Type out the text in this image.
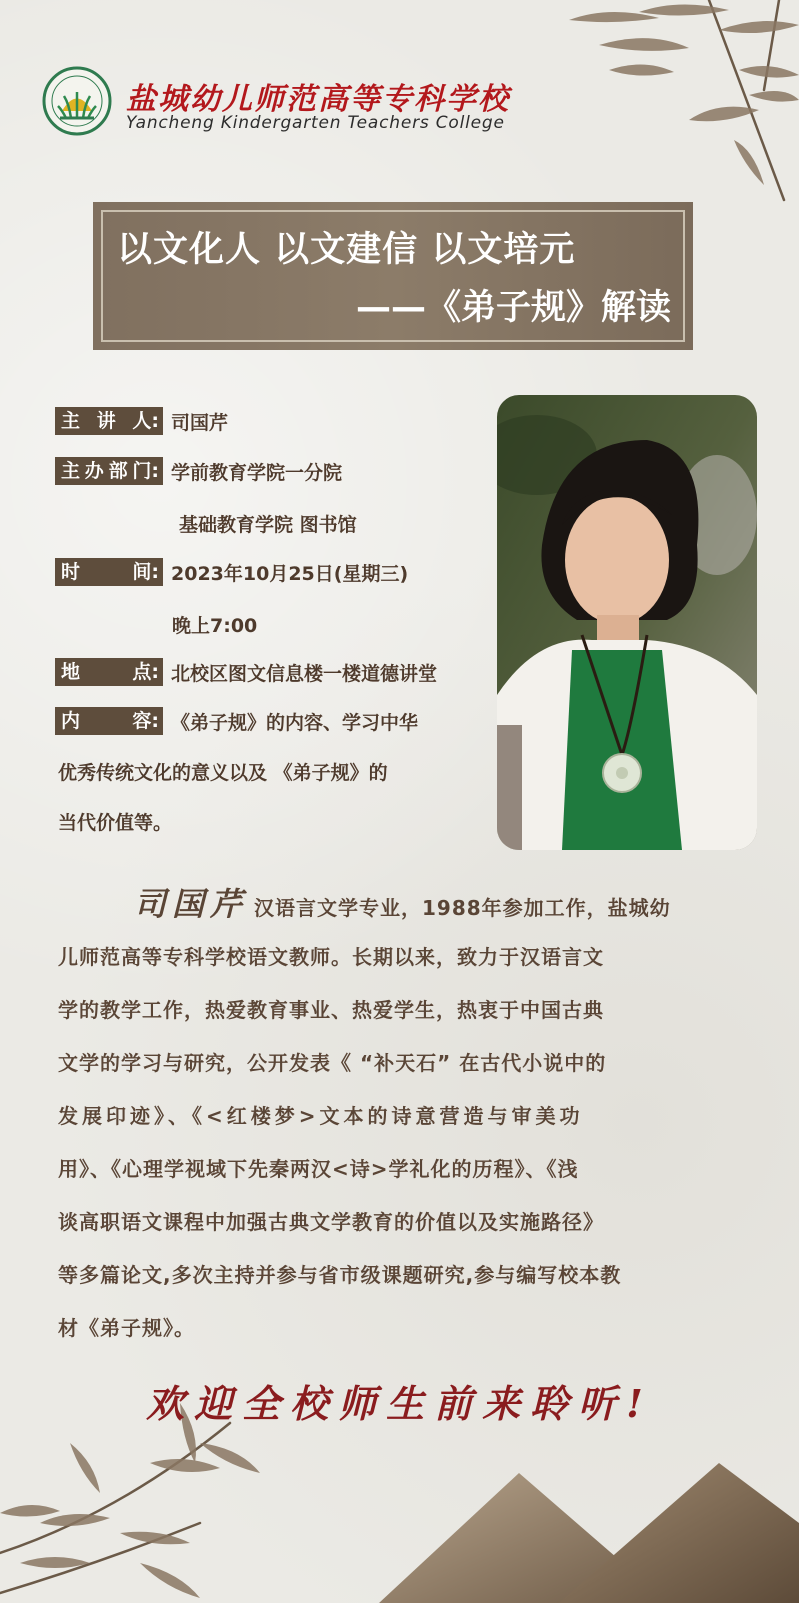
盐城幼儿师范高等专科学校
Yancheng Kindergarten Teachers College
以文化人 以文建信 以文培元
——《弟子规》解读
主 讲 人: 司国芹
主 办 部 门: 学前教育学院一分院
基础教育学院 图书馆
时	间: 2023年10月25日(星期三)
晚上7:00
地	点: 北校区图文信息楼一楼道德讲堂
内	容: 《弟子规》的内容、学习中华
优秀传统文化的意义以及 《弟子规》的
当代价值等。
司国芹 汉语言文学专业，1988年参加工作，盐城幼
儿师范高等专科学校语文教师。长期以来，致力于汉语言文
学的教学工作，热爱教育事业、热爱学生，热衷于中国古典
文学的学习与研究，公开发表《 “补天石” 在古代小说中的
发展印迹》、《<红楼梦>文本的诗意营造与审美功
用》、《心理学视域下先秦两汉<诗>学礼化的历程》、《浅
谈高职语文课程中加强古典文学教育的价值以及实施路径》
等多篇论文,多次主持并参与省市级课题研究,参与编写校本教
材《弟子规》。
欢迎全校师生前来聆听!
